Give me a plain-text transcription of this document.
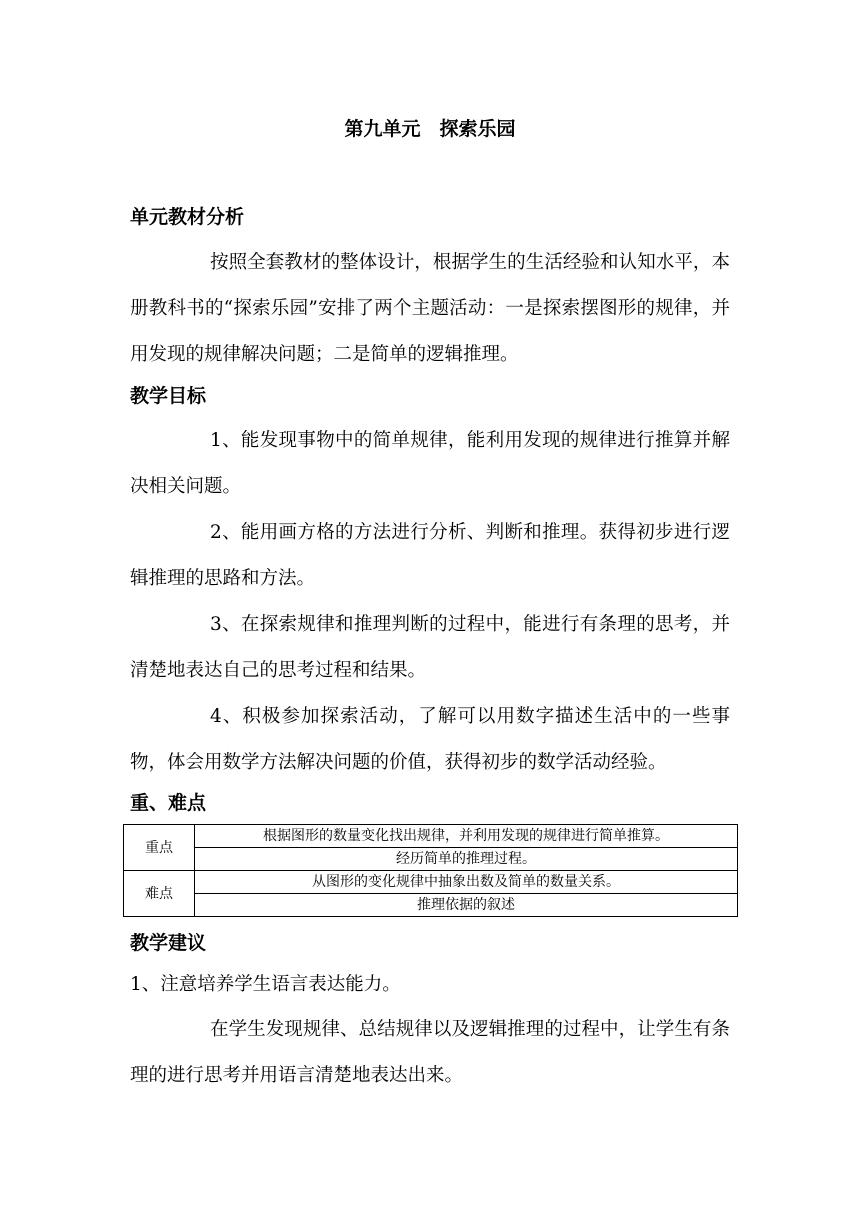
第九单元　探索乐园
单元教材分析

按照全套教材的整体设计，根据学生的生活经验和认知水平，本册教科书的“探索乐园”安排了两个主题活动：一是探索摆图形的规律，并用发现的规律解决问题；二是简单的逻辑推理。

教学目标

1、能发现事物中的简单规律，能利用发现的规律进行推算并解决相关问题。

2、能用画方格的方法进行分析、判断和推理。获得初步进行逻辑推理的思路和方法。

3、在探索规律和推理判断的过程中，能进行有条理的思考，并清楚地表达自己的思考过程和结果。

4、积极参加探索活动，了解可以用数字描述生活中的一些事物，体会用数学方法解决问题的价值，获得初步的数学活动经验。

重、难点
重点	根据图形的数量变化找出规律，并利用发现的规律进行简单推算。
	经历简单的推理过程。
难点	从图形的变化规律中抽象出数及简单的数量关系。
	推理依据的叙述
教学建议

1、注意培养学生语言表达能力。

在学生发现规律、总结规律以及逻辑推理的过程中，让学生有条理的进行思考并用语言清楚地表达出来。
